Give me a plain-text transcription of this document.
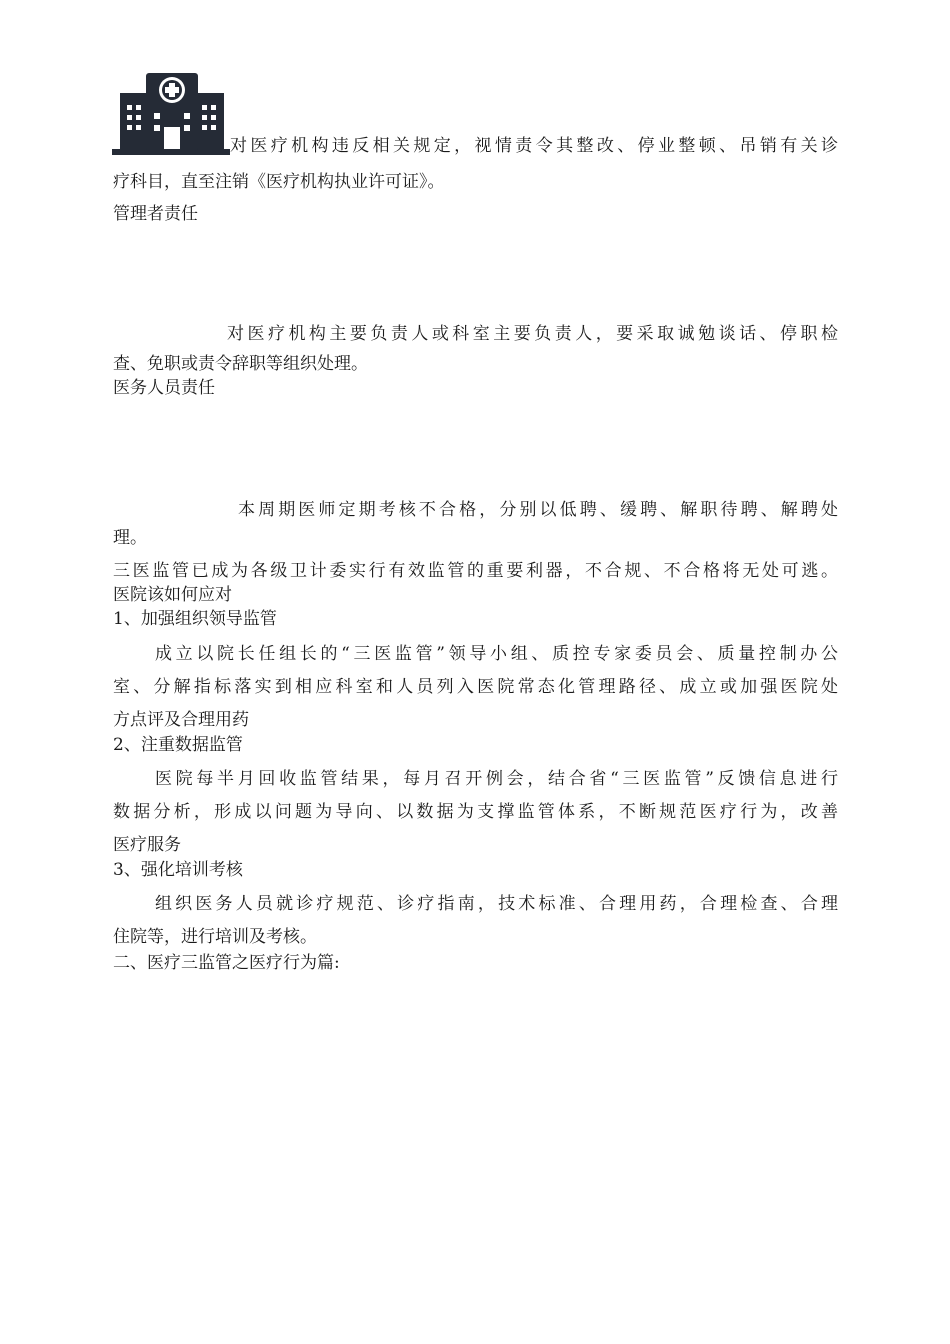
对医疗机构违反相关规定，视情责令其整改、停业整顿、吊销有关诊
疗科目，直至注销《医疗机构执业许可证》。
管理者责任
对医疗机构主要负责人或科室主要负责人，要采取诚勉谈话、停职检
查、免职或责令辞职等组织处理。
医务人员责任
本周期医师定期考核不合格，分别以低聘、缓聘、解职待聘、解聘处
理。
三医监管已成为各级卫计委实行有效监管的重要利器，不合规、不合格将无处可逃。
医院该如何应对
1、加强组织领导监管
成立以院长任组长的“三医监管”领导小组、质控专家委员会、质量控制办公
室、分解指标落实到相应科室和人员列入医院常态化管理路径、成立或加强医院处
方点评及合理用药
2、注重数据监管
医院每半月回收监管结果，每月召开例会，结合省“三医监管”反馈信息进行
数据分析，形成以问题为导向、以数据为支撑监管体系，不断规范医疗行为，改善
医疗服务
3、强化培训考核
组织医务人员就诊疗规范、诊疗指南，技术标准、合理用药，合理检查、合理
住院等，进行培训及考核。
二、医疗三监管之医疗行为篇:
